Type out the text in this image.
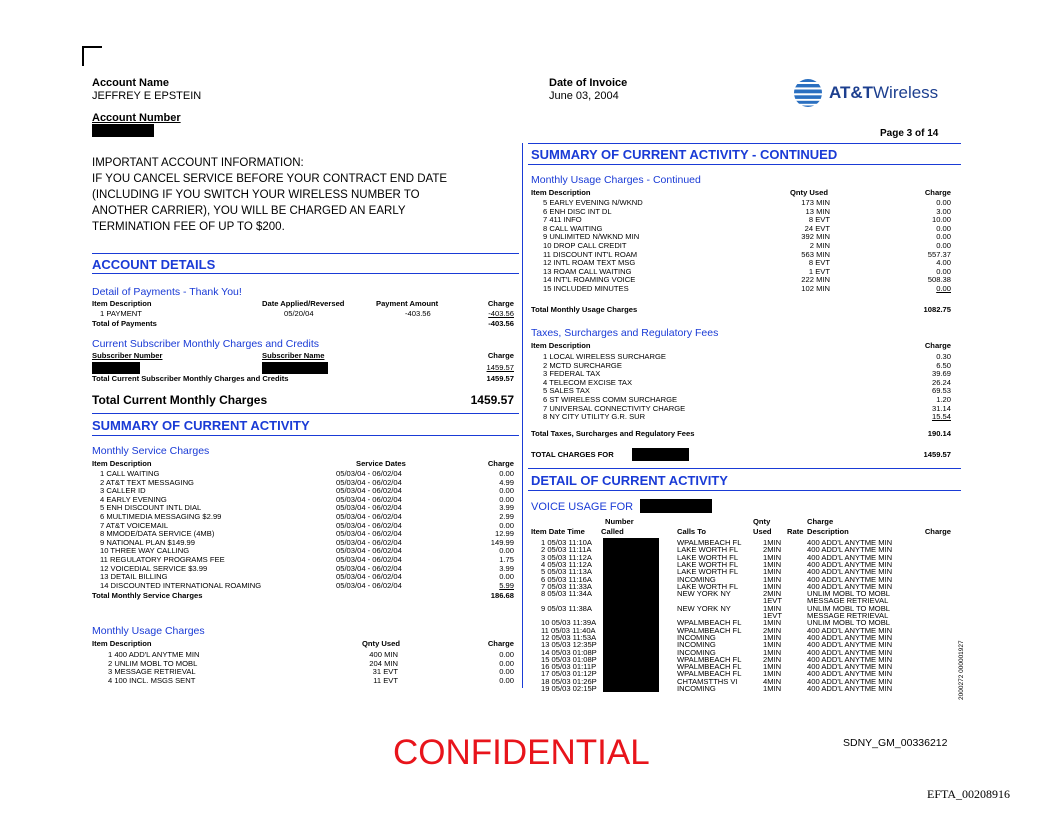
Account Name
JEFFREY E EPSTEIN
Account Number
Date of Invoice
June 03, 2004	AT&T Wireless
Page 3 of 14
IMPORTANT ACCOUNT INFORMATION:
IF YOU CANCEL SERVICE BEFORE YOUR CONTRACT END DATE
(INCLUDING IF YOU SWITCH YOUR WIRELESS NUMBER TO
ANOTHER CARRIER), YOU WILL BE CHARGED AN EARLY
TERMINATION FEE OF UP TO $200.
ACCOUNT DETAILS
Detail of Payments - Thank You!
Item Description	Date Applied/Reversed	Payment Amount	Charge
1 PAYMENT	05/20/04	-403.56	-403.56
Total of Payments	-403.56
Current Subscriber Monthly Charges and Credits
Subscriber Number	Subscriber Name	Charge
1459.57
Total Current Subscriber Monthly Charges and Credits	1459.57
Total Current Monthly Charges	1459.57
SUMMARY OF CURRENT ACTIVITY
Monthly Service Charges
Item Description	Service Dates	Charge
1 CALL WAITING	05/03/04 - 06/02/04	0.00
2 AT&T TEXT MESSAGING	05/03/04 - 06/02/04	4.99
3 CALLER ID	05/03/04 - 06/02/04	0.00
4 EARLY EVENING	05/03/04 - 06/02/04	0.00
5 ENH DISCOUNT INTL DIAL	05/03/04 - 06/02/04	3.99
6 MULTIMEDIA MESSAGING $2.99	05/03/04 - 06/02/04	2.99
7 AT&T VOICEMAIL	05/03/04 - 06/02/04	0.00
8 MMODE/DATA SERVICE (4MB)	05/03/04 - 06/02/04	12.99
9 NATIONAL PLAN $149.99	05/03/04 - 06/02/04	149.99
10 THREE WAY CALLING	05/03/04 - 06/02/04	0.00
11 REGULATORY PROGRAMS FEE	05/03/04 - 06/02/04	1.75
12 VOICEDIAL SERVICE $3.99	05/03/04 - 06/02/04	3.99
13 DETAIL BILLING	05/03/04 - 06/02/04	0.00
14 DISCOUNTED INTERNATIONAL ROAMING	05/03/04 - 06/02/04	5.99
Total Monthly Service Charges	186.68
Monthly Usage Charges
Item Description	Qnty Used	Charge
1 400 ADD'L ANYTME MIN	400 MIN	0.00
2 UNLIM MOBL TO MOBL	204 MIN	0.00
3 MESSAGE RETRIEVAL	31 EVT	0.00
4 100 INCL. MSGS SENT	11 EVT	0.00
SUMMARY OF CURRENT ACTIVITY - CONTINUED
Monthly Usage Charges - Continued
Item Description	Qnty Used	Charge
5 EARLY EVENING N/WKND	173 MIN	0.00
6 ENH DISC INT DL	13 MIN	3.00
7 411 INFO	8 EVT	10.00
8 CALL WAITING	24 EVT	0.00
9 UNLIMITED N/WKND MIN	392 MIN	0.00
10 DROP CALL CREDIT	2 MIN	0.00
11 DISCOUNT INT'L ROAM	563 MIN	557.37
12 INTL ROAM TEXT MSG	8 EVT	4.00
13 ROAM CALL WAITING	1 EVT	0.00
14 INT'L ROAMING VOICE	222 MIN	508.38
15 INCLUDED MINUTES	102 MIN	0.00
Total Monthly Usage Charges	1082.75
Taxes, Surcharges and Regulatory Fees
Item Description	Charge
1 LOCAL WIRELESS SURCHARGE	0.30
2 MCTD SURCHARGE	6.50
3 FEDERAL TAX	39.69
4 TELECOM EXCISE TAX	26.24
5 SALES TAX	69.53
6 ST WIRELESS COMM SURCHARGE	1.20
7 UNIVERSAL CONNECTIVITY CHARGE	31.14
8 NY CITY UTILITY G.R. SUR	15.54
Total Taxes, Surcharges and Regulatory Fees	190.14
TOTAL CHARGES FOR	1459.57
DETAIL OF CURRENT ACTIVITY
VOICE USAGE FOR
Number	Qnty	Charge
Item Date Time Called	Calls To	Used Rate Description	Charge
1 05/03 11:10A	WPALMBEACH FL	1MIN	400 ADD'L ANYTME MIN
2 05/03 11:11A	LAKE WORTH FL	2MIN	400 ADD'L ANYTME MIN
3 05/03 11:12A	LAKE WORTH FL	1MIN	400 ADD'L ANYTME MIN
4 05/03 11:12A	LAKE WORTH FL	1MIN	400 ADD'L ANYTME MIN
5 05/03 11:13A	LAKE WORTH FL	1MIN	400 ADD'L ANYTME MIN
6 05/03 11:16A	INCOMING	1MIN	400 ADD'L ANYTME MIN
7 05/03 11:33A	LAKE WORTH FL	1MIN	400 ADD'L ANYTME MIN
8 05/03 11:34A	NEW YORK NY	2MIN	UNLIM MOBL TO MOBL
1EVT	MESSAGE RETRIEVAL
9 05/03 11:38A	NEW YORK NY	1MIN	UNLIM MOBL TO MOBL
1EVT	MESSAGE RETRIEVAL
10 05/03 11:39A	WPALMBEACH FL	1MIN	UNLIM MOBL TO MOBL
11 05/03 11:40A	WPALMBEACH FL	2MIN	400 ADD'L ANYTME MIN
12 05/03 11:53A	INCOMING	1MIN	400 ADD'L ANYTME MIN
13 05/03 12:35P	INCOMING	1MIN	400 ADD'L ANYTME MIN
14 05/03 01:08P	INCOMING	1MIN	400 ADD'L ANYTME MIN
15 05/03 01:08P	WPALMBEACH FL	2MIN	400 ADD'L ANYTME MIN
16 05/03 01:11P	WPALMBEACH FL	1MIN	400 ADD'L ANYTME MIN
17 05/03 01:12P	WPALMBEACH FL	1MIN	400 ADD'L ANYTME MIN
18 05/03 01:26P	CHTAMSTTHS VI	4MIN	400 ADD'L ANYTME MIN
19 05/03 02:15P	INCOMING	1MIN	400 ADD'L ANYTME MIN	2000272 000001927
CONFIDENTIAL	SDNY_GM_00336212
EFTA_00208916
